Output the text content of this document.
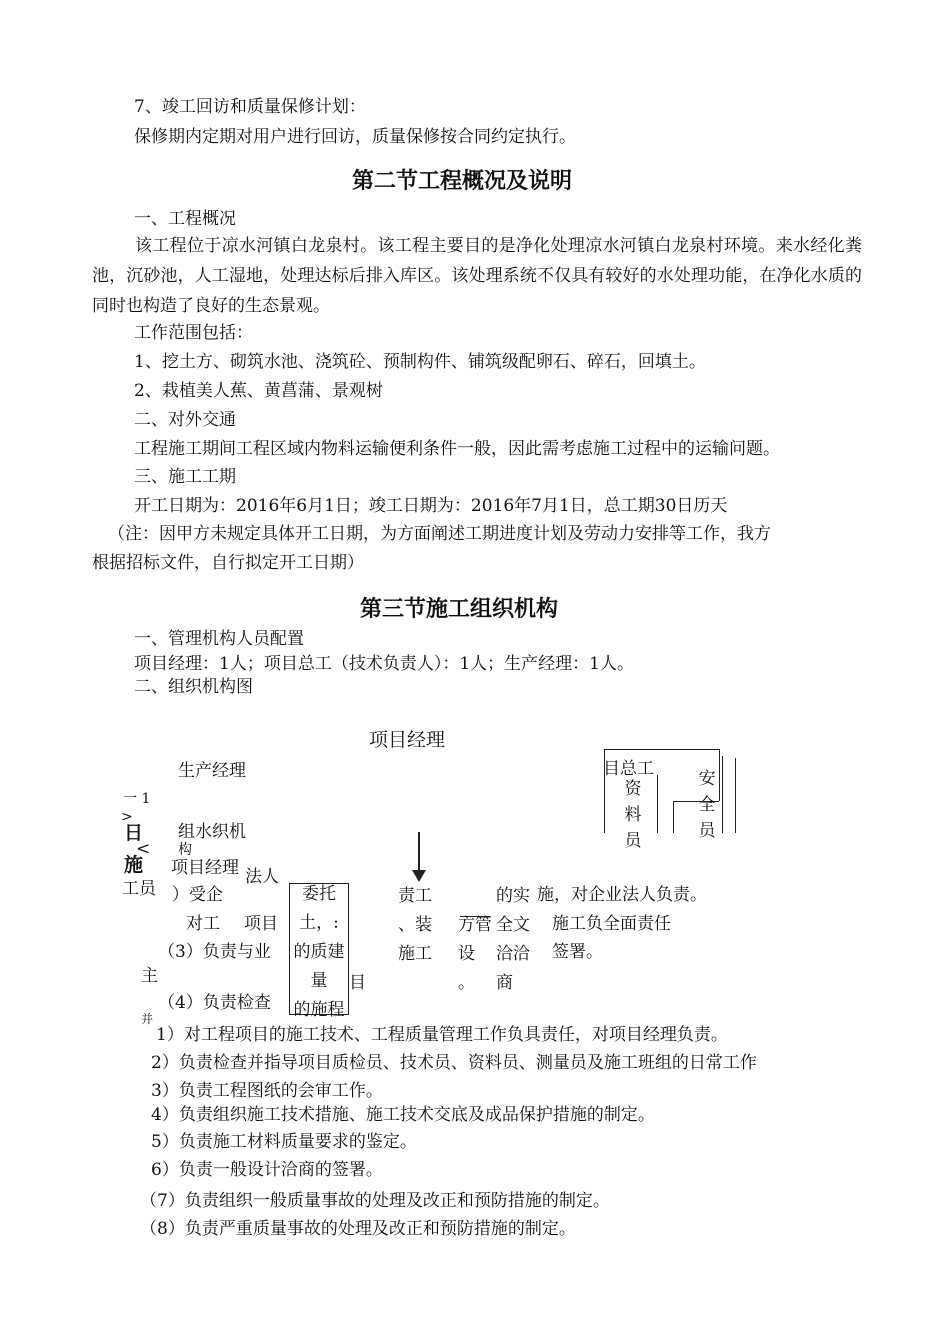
7、竣工回访和质量保修计划：
保修期内定期对用户进行回访，质量保修按合同约定执行。
第二节工程概况及说明
一、工程概况
该工程位于凉水河镇白龙泉村。该工程主要目的是净化处理凉水河镇白龙泉村环境。来水经化粪池，沉砂池，人工湿地，处理达标后排入库区。该处理系统不仅具有较好的水处理功能，在净化水质的同时也构造了良好的生态景观。
工作范围包括：
1、挖土方、砌筑水池、浇筑砼、预制构件、铺筑级配卵石、碎石，回填土。
2、栽植美人蕉、黄菖蒲、景观树
二、对外交通
工程施工期间工程区域内物料运输便利条件一般，因此需考虑施工过程中的运输问题。
三、施工工期
开工日期为：2016年6月1日；竣工日期为：2016年7月1日，总工期30日历天
（注：因甲方未规定具体开工日期，为方面阐述工期进度计划及劳动力安排等工作，我方
根据招标文件，自行拟定开工日期）
第三节施工组织机构
一、管理机构人员配置
项目经理：1人；项目总工（技术负责人）：1人；生产经理：1人。
二、组织机构图
项目经理
生产经理	目总工
资
料
员
安
全
员
一 1
>
日
<
施
工员
组水织机
构
项目经理 法人
）受企
对工 项目
（3）负责与业
主
（4）负责检查
并
委托
土，:
的质建
量
的施程
目
责工
、装
施工
方管
设
。
的实
全文
洽洽
商
施，对企业法人负责。
施工负全面责任
签署。
1）对工程项目的施工技术、工程质量管理工作负具责任，对项目经理负责。
2）负责检查并指导项目质检员、技术员、资料员、测量员及施工班组的日常工作
3）负责工程图纸的会审工作。
4）负责组织施工技术措施、施工技术交底及成品保护措施的制定。
5）负责施工材料质量要求的鉴定。
6）负责一般设计洽商的签署。
（7）负责组织一般质量事故的处理及改正和预防措施的制定。
（8）负责严重质量事故的处理及改正和预防措施的制定。
